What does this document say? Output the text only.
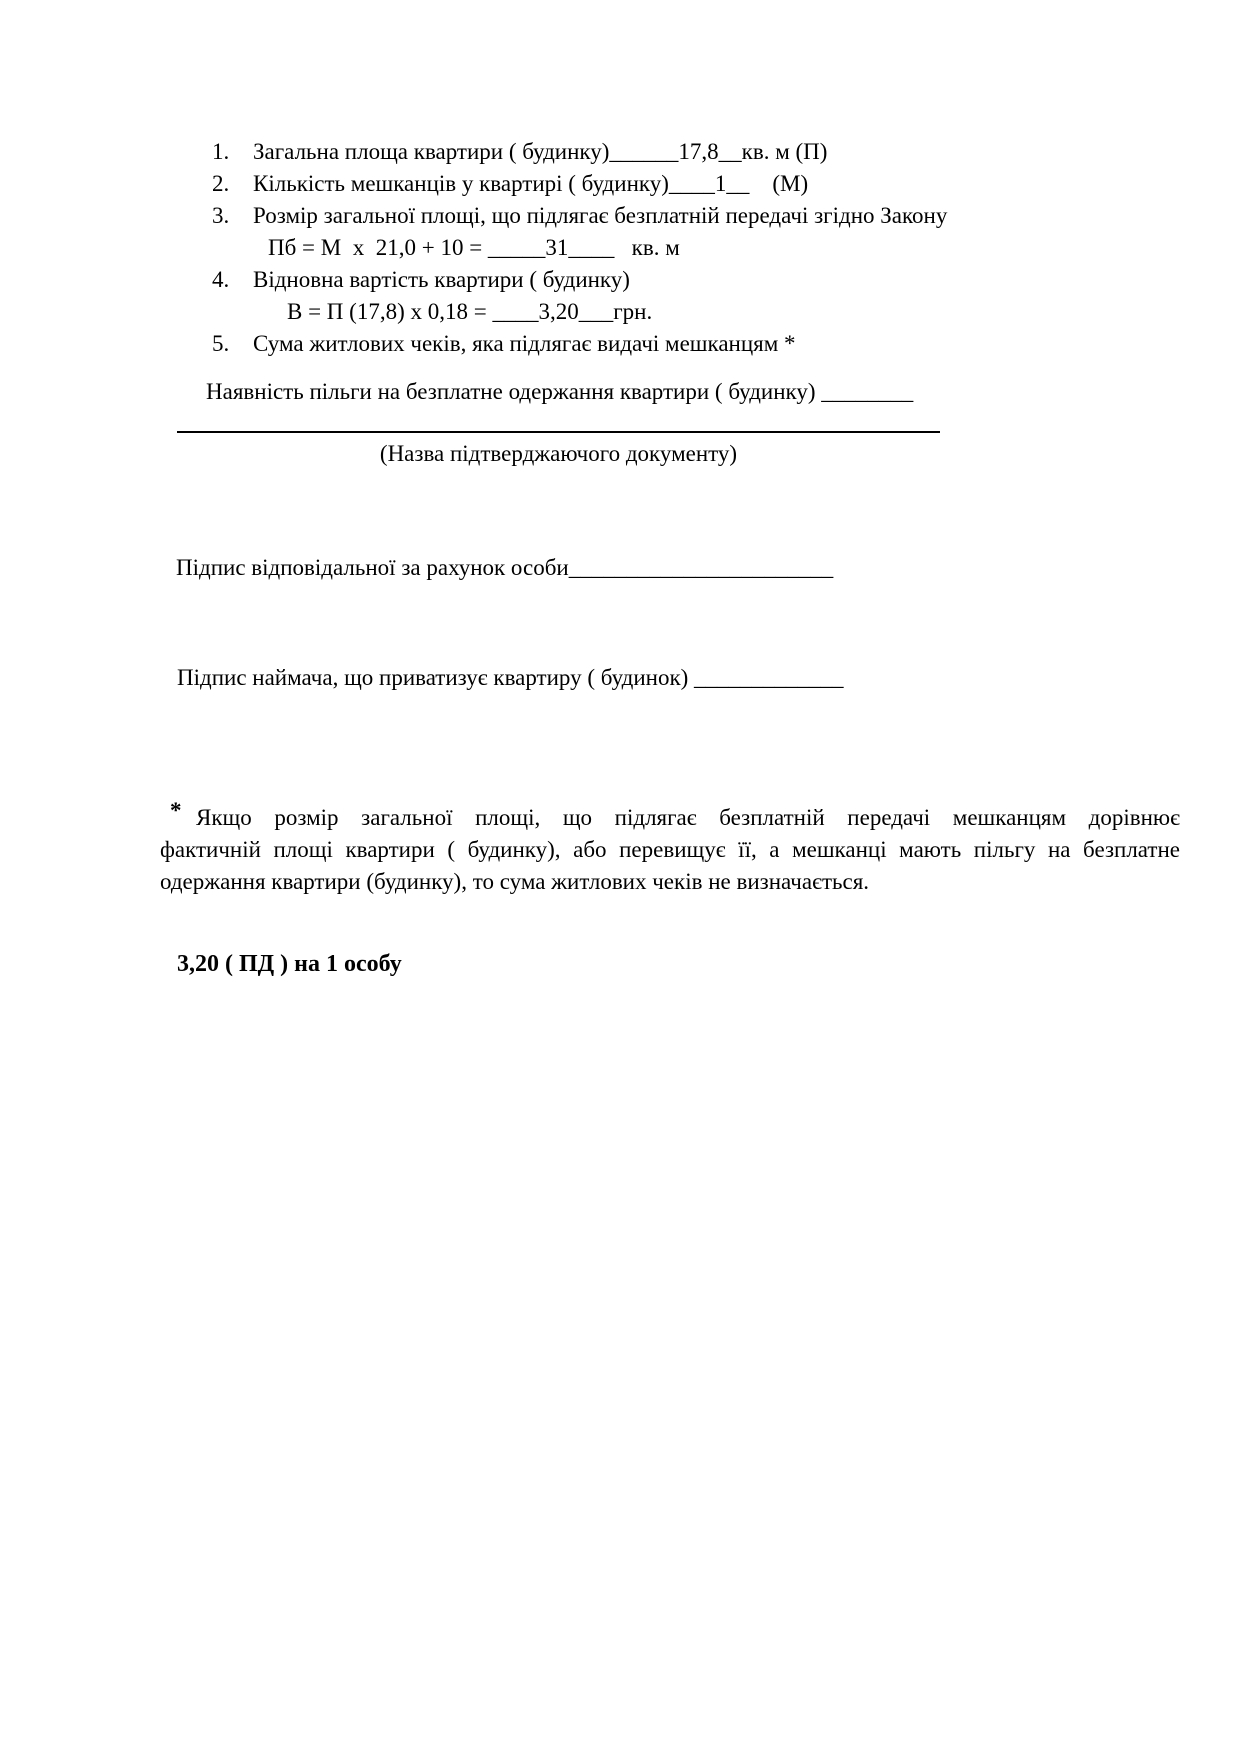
1.	Загальна площа квартири ( будинку)______17,8__кв. м (П)
2.	Кількість мешканців у квартирі ( будинку)____1__    (М)
3.	Розмір загальної площі, що підлягає безплатній передачі згідно Закону
Пб = М  х  21,0 + 10 = _____31____   кв. м
4.	Відновна вартість квартири ( будинку)
В = П (17,8) х 0,18 = ____3,20___грн.
5.	Сума житлових чеків, яка підлягає видачі мешканцям *
Наявність пільги на безплатне одержання квартири ( будинку) ________
(Назва підтверджаючого документу)
Підпис відповідальної за рахунок особи_______________________
Підпис наймача, що приватизує квартиру ( будинок) _____________
* Якщо розмір загальної площі, що підлягає безплатній передачі мешканцям дорівнює
фактичній площі квартири ( будинку), або перевищує її, а мешканці мають пільгу на безплатне
одержання квартири (будинку), то сума житлових чеків не визначається.
3,20 ( ПД ) на 1 особу
